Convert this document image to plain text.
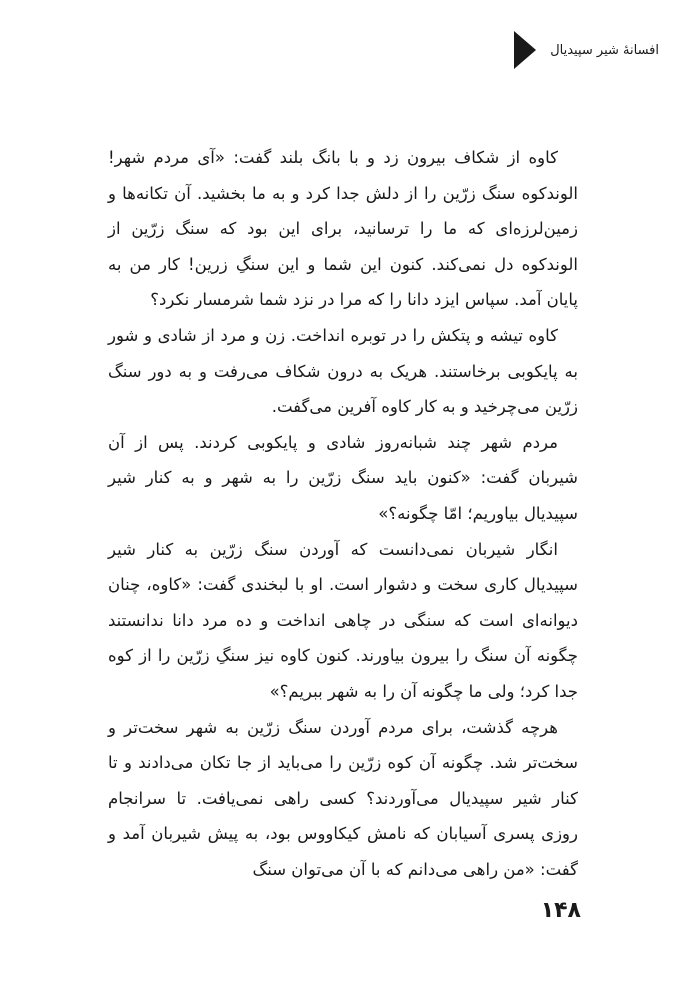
افسانهٔ شیر سپیدیال

کاوه از شکاف بیرون زد و با بانگ بلند گفت: «آی مردم شهر! الوندکوه سنگ زرّین را از دلش جدا کرد و به ما بخشید. آن تکانه‌ها و زمین‌لرزه‌ای که ما را ترسانید، برای این بود که سنگ زرّین از الوندکوه دل نمی‌کند. کنون این شما و این سنگِ زرین! کار من به پایان آمد. سپاس ایزد دانا را که مرا در نزد شما شرمسار نکرد؟

کاوه تیشه و پتکش را در توبره انداخت. زن و مرد از شادی و شور به پایکوبی برخاستند. هریک به درون شکاف می‌رفت و به دور سنگ زرّین می‌چرخید و به کار کاوه آفرین می‌گفت.

مردم شهر چند شبانه‌روز شادی و پایکوبی کردند. پس از آن شیربان گفت: «کنون باید سنگ زرّین را به شهر و به کنار شیر سپیدیال بیاوریم؛ امّا چگونه؟»

انگار شیربان نمی‌دانست که آوردن سنگ زرّین به کنار شیر سپیدیال کاری سخت و دشوار است. او با لبخندی گفت: «کاوه، چنان دیوانه‌ای است که سنگی در چاهی انداخت و ده مرد دانا ندانستند چگونه آن سنگ را بیرون بیاورند. کنون کاوه نیز سنگِ زرّین را از کوه جدا کرد؛ ولی ما چگونه آن را به شهر ببریم؟»

هرچه گذشت، برای مردم آوردن سنگ زرّین به شهر سخت‌تر و سخت‌تر شد. چگونه آن کوه زرّین را می‌باید از جا تکان می‌دادند و تا کنار شیر سپیدیال می‌آوردند؟ کسی راهی نمی‌یافت. تا سرانجام روزی پسری آسیابان که نامش کیکاووس بود، به پیش شیربان آمد و گفت: «من راهی می‌دانم که با آن می‌توان سنگ

۱۴۸
